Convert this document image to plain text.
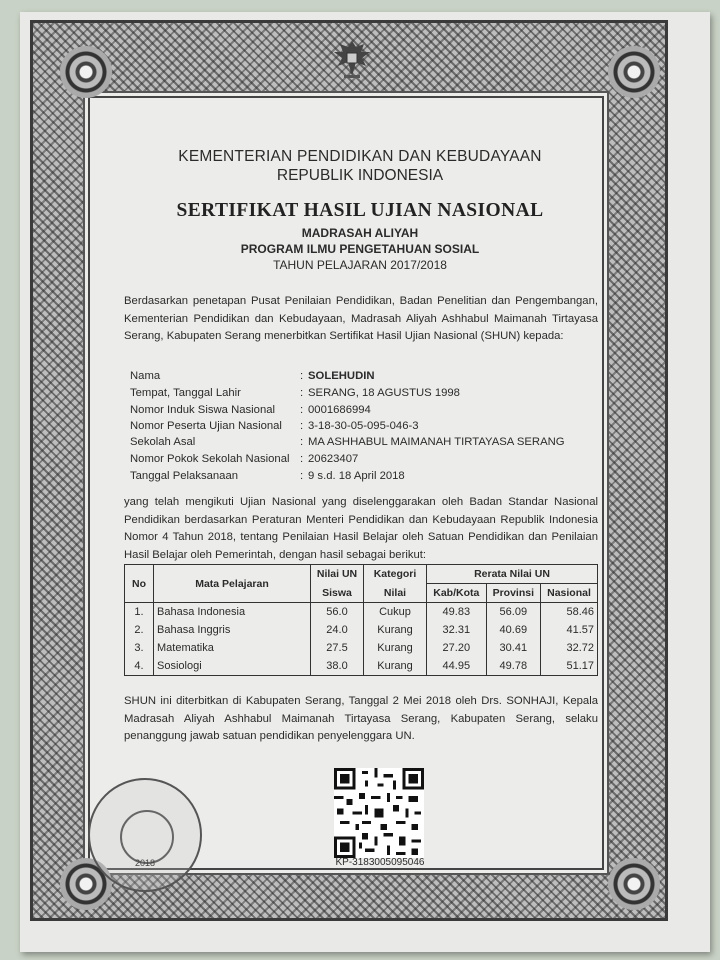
KEMENTERIAN PENDIDIKAN DAN KEBUDAYAAN
REPUBLIK INDONESIA
SERTIFIKAT HASIL UJIAN NASIONAL
MADRASAH ALIYAH
PROGRAM ILMU PENGETAHUAN SOSIAL
TAHUN PELAJARAN 2017/2018
Berdasarkan penetapan Pusat Penilaian Pendidikan, Badan Penelitian dan Pengembangan, Kementerian Pendidikan dan Kebudayaan, Madrasah Aliyah Ashhabul Maimanah Tirtayasa Serang, Kabupaten Serang menerbitkan Sertifikat Hasil Ujian Nasional (SHUN) kepada:
Nama	: SOLEHUDIN
Tempat, Tanggal Lahir	: SERANG, 18 AGUSTUS 1998
Nomor Induk Siswa Nasional : 0001686994
Nomor Peserta Ujian Nasional : 3-18-30-05-095-046-3
Sekolah Asal	: MA ASHHABUL MAIMANAH TIRTAYASA SERANG
Nomor Pokok Sekolah Nasional : 20623407
Tanggal Pelaksanaan	: 9 s.d. 18 April 2018
yang telah mengikuti Ujian Nasional yang diselenggarakan oleh Badan Standar Nasional Pendidikan berdasarkan Peraturan Menteri Pendidikan dan Kebudayaan Republik Indonesia Nomor 4 Tahun 2018, tentang Penilaian Hasil Belajar oleh Satuan Pendidikan dan Penilaian Hasil Belajar oleh Pemerintah, dengan hasil sebagai berikut:
No	Mata Pelajaran	Nilai UN	Kategori	Rerata Nilai UN		
		Siswa	Nilai	Kab/Kota	Provinsi	Nasional
1.	Bahasa Indonesia	56.0	Cukup	49.83	56.09	58.46
2.	Bahasa Inggris	24.0	Kurang	32.31	40.69	41.57
3.	Matematika	27.5	Kurang	27.20	30.41	32.72
4.	Sosiologi	38.0	Kurang	44.95	49.78	51.17
SHUN ini diterbitkan di Kabupaten Serang, Tanggal 2 Mei 2018 oleh Drs. SONHAJI, Kepala Madrasah Aliyah Ashhabul Maimanah Tirtayasa Serang, Kabupaten Serang, selaku penanggung jawab satuan pendidikan penyelenggara UN.
2018	KP-3183005095046
